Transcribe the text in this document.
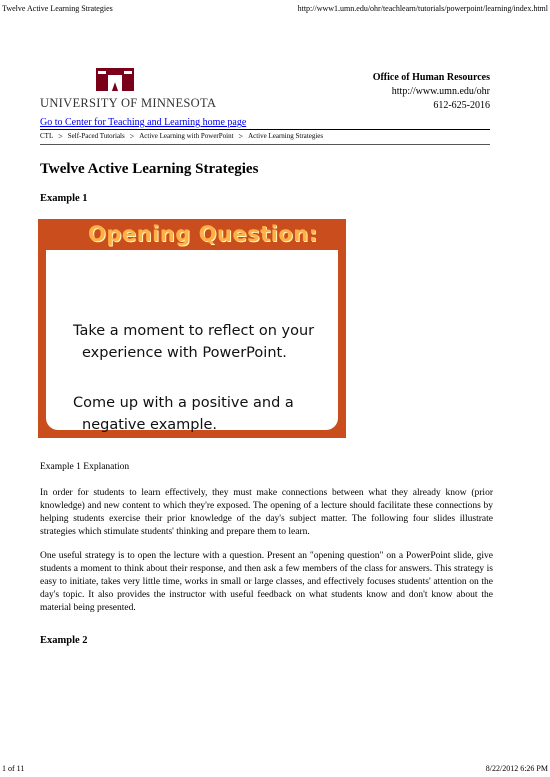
Twelve Active Learning Strategies	http://www1.umn.edu/ohr/teachlearn/tutorials/powerpoint/learning/index.html
UNIVERSITY OF MINNESOTA
Office of Human Resources
http://www.umn.edu/ohr
612-625-2016
Go to Center for Teaching and Learning home page
CTL > Self-Paced Tutorials > Active Learning with PowerPoint > Active Learning Strategies
Twelve Active Learning Strategies
Example 1
Opening Question:
Take a moment to reflect on your
experience with PowerPoint.
Come up with a positive and a
negative example.
Example 1 Explanation

In order for students to learn effectively, they must make connections between what they already know (prior knowledge) and new content to which they're exposed. The opening of a lecture should facilitate these connections by helping students exercise their prior knowledge of the day's subject matter. The following four slides illustrate strategies which stimulate students' thinking and prepare them to learn.

One useful strategy is to open the lecture with a question. Present an "opening question" on a PowerPoint slide, give students a moment to think about their response, and then ask a few members of the class for answers. This strategy is easy to initiate, takes very little time, works in small or large classes, and effectively focuses students' attention on the day's topic. It also provides the instructor with useful feedback on what students know and don't know about the material being presented.

Example 2
1 of 11	8/22/2012 6:26 PM
